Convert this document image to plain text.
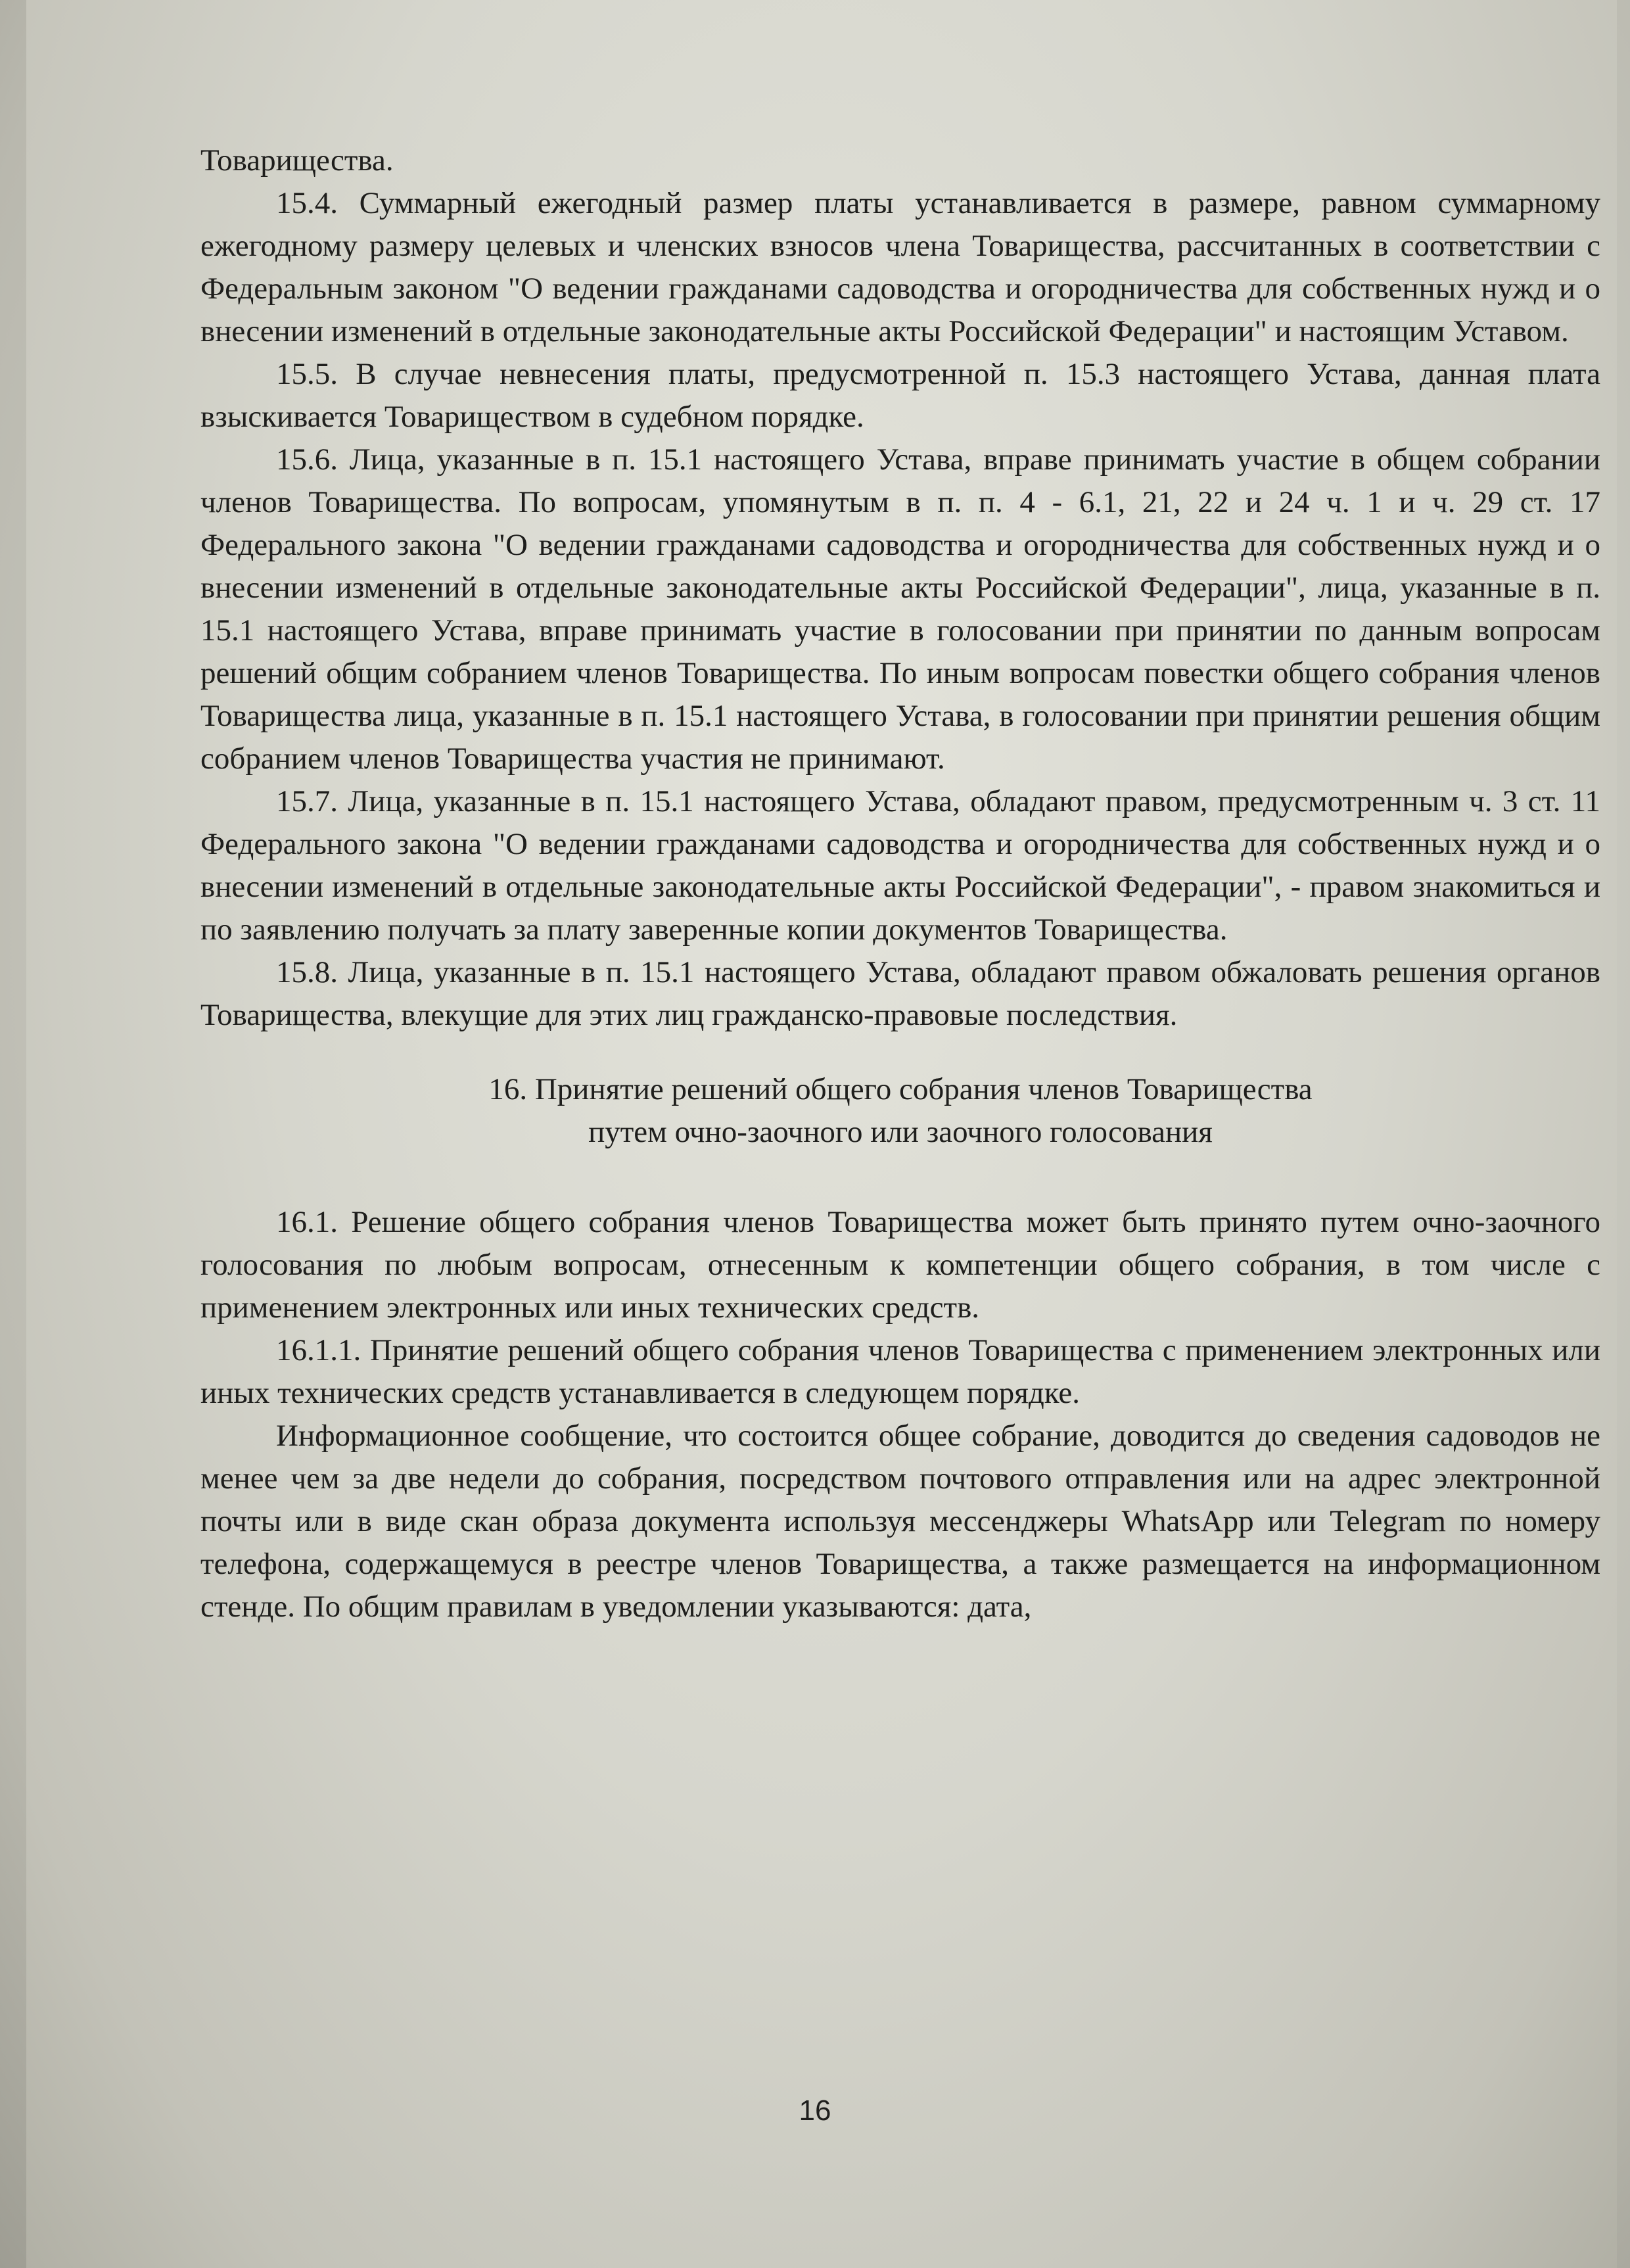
Товарищества.

15.4. Суммарный ежегодный размер платы устанавливается в размере, равном суммарному ежегодному размеру целевых и членских взносов члена Товарищества, рассчитанных в соответствии с Федеральным законом "О ведении гражданами садоводства и огородничества для собственных нужд и о внесении изменений в отдельные законодательные акты Российской Федерации" и настоящим Уставом.

15.5. В случае невнесения платы, предусмотренной п. 15.3 настоящего Устава, данная плата взыскивается Товариществом в судебном порядке.

15.6. Лица, указанные в п. 15.1 настоящего Устава, вправе принимать участие в общем собрании членов Товарищества. По вопросам, упомянутым в п. п. 4 - 6.1, 21, 22 и 24 ч. 1 и ч. 29 ст. 17 Федерального закона "О ведении гражданами садоводства и огородничества для собственных нужд и о внесении изменений в отдельные законодательные акты Российской Федерации", лица, указанные в п. 15.1 настоящего Устава, вправе принимать участие в голосовании при принятии по данным вопросам решений общим собранием членов Товарищества. По иным вопросам повестки общего собрания членов Товарищества лица, указанные в п. 15.1 настоящего Устава, в голосовании при принятии решения общим собранием членов Товарищества участия не принимают.

15.7. Лица, указанные в п. 15.1 настоящего Устава, обладают правом, предусмотренным ч. 3 ст. 11 Федерального закона "О ведении гражданами садоводства и огородничества для собственных нужд и о внесении изменений в отдельные законодательные акты Российской Федерации", - правом знакомиться и по заявлению получать за плату заверенные копии документов Товарищества.

15.8. Лица, указанные в п. 15.1 настоящего Устава, обладают правом обжаловать решения органов Товарищества, влекущие для этих лиц гражданско-правовые последствия.

16. Принятие решений общего собрания членов Товарищества
путем очно-заочного или заочного голосования

16.1. Решение общего собрания членов Товарищества может быть принято путем очно-заочного голосования по любым вопросам, отнесенным к компетенции общего собрания, в том числе с применением электронных или иных технических средств.

16.1.1. Принятие решений общего собрания членов Товарищества с применением электронных или иных технических средств устанавливается в следующем порядке.

Информационное сообщение, что состоится общее собрание, доводится до сведения садоводов не менее чем за две недели до собрания, посредством почтового отправления или на адрес электронной почты или в виде скан образа документа используя мессенджеры WhatsApp или Telegram по номеру телефона, содержащемуся в реестре членов Товарищества, а также размещается на информационном стенде. По общим правилам в уведомлении указываются: дата,

16
